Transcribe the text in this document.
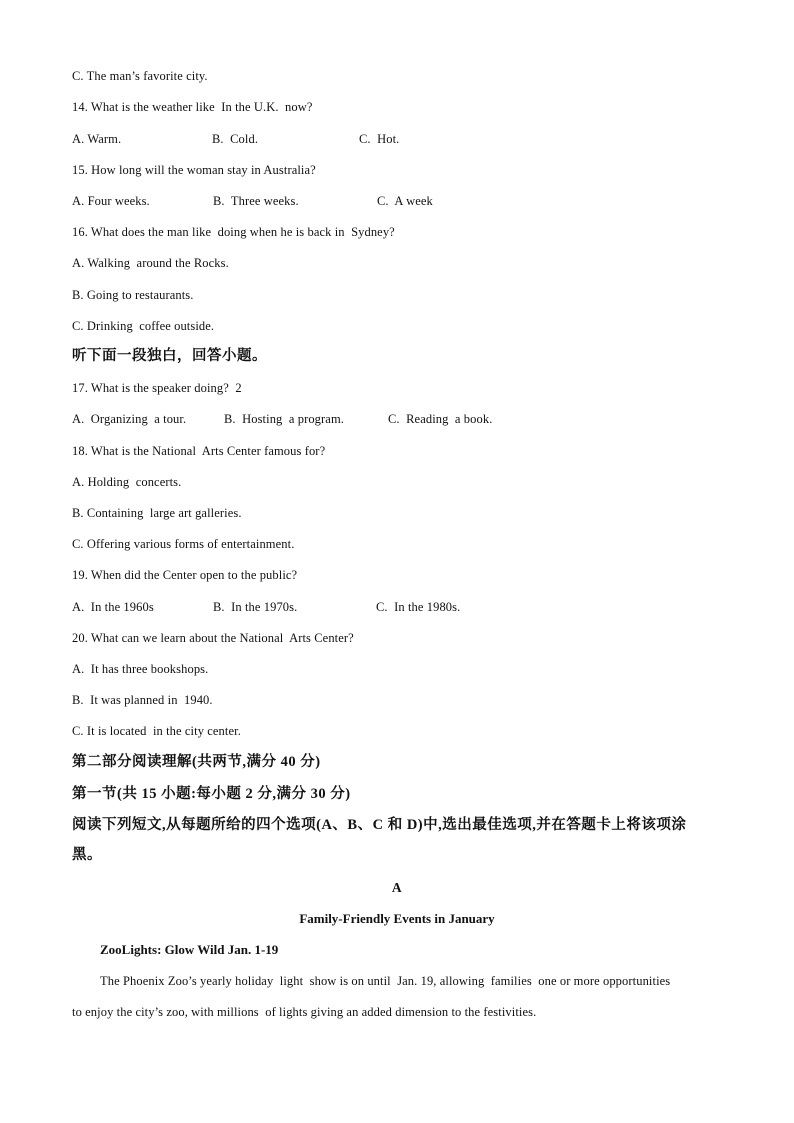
C. The man’s favorite city.
14. What is the weather like  In the U.K.  now?

A. Warm.

	B.  Cold.

	C.  Hot.

15. How long will the woman stay in Australia?

A. Four weeks.

	B.  Three weeks.

	C.  A week

16. What does the man like  doing when he is back in  Sydney?
A. Walking  around the Rocks.
B. Going to restaurants.
C. Drinking  coffee outside.
听下面一段独白，回答小题。
17. What is the speaker doing?  2

A.  Organizing  a tour.

	B.  Hosting  a program.

	C.  Reading  a book.

18. What is the National  Arts Center famous for?
A. Holding  concerts.
B. Containing  large art galleries.
C. Offering various forms of entertainment.
19. When did the Center open to the public?

A.  In the 1960s

	B.  In the 1970s.

	C.  In the 1980s.

20. What can we learn about the National  Arts Center?
A.  It has three bookshops.
B.  It was planned in  1940.
C. It is located  in the city center.
第二部分阅读理解(共两节,满分 40 分)
第一节(共 15 小题:每小题 2 分,满分 30 分)
阅读下列短文,从每题所给的四个选项(A、B、C 和 D)中,选出最佳选项,并在答题卡上将该项涂
黑。
A
Family-Friendly Events in January
ZooLights: Glow Wild Jan. 1-19
The Phoenix Zoo’s yearly holiday  light  show is on until  Jan. 19, allowing  families  one or more opportunities
to enjoy the city’s zoo, with millions  of lights giving an added dimension to the festivities.
